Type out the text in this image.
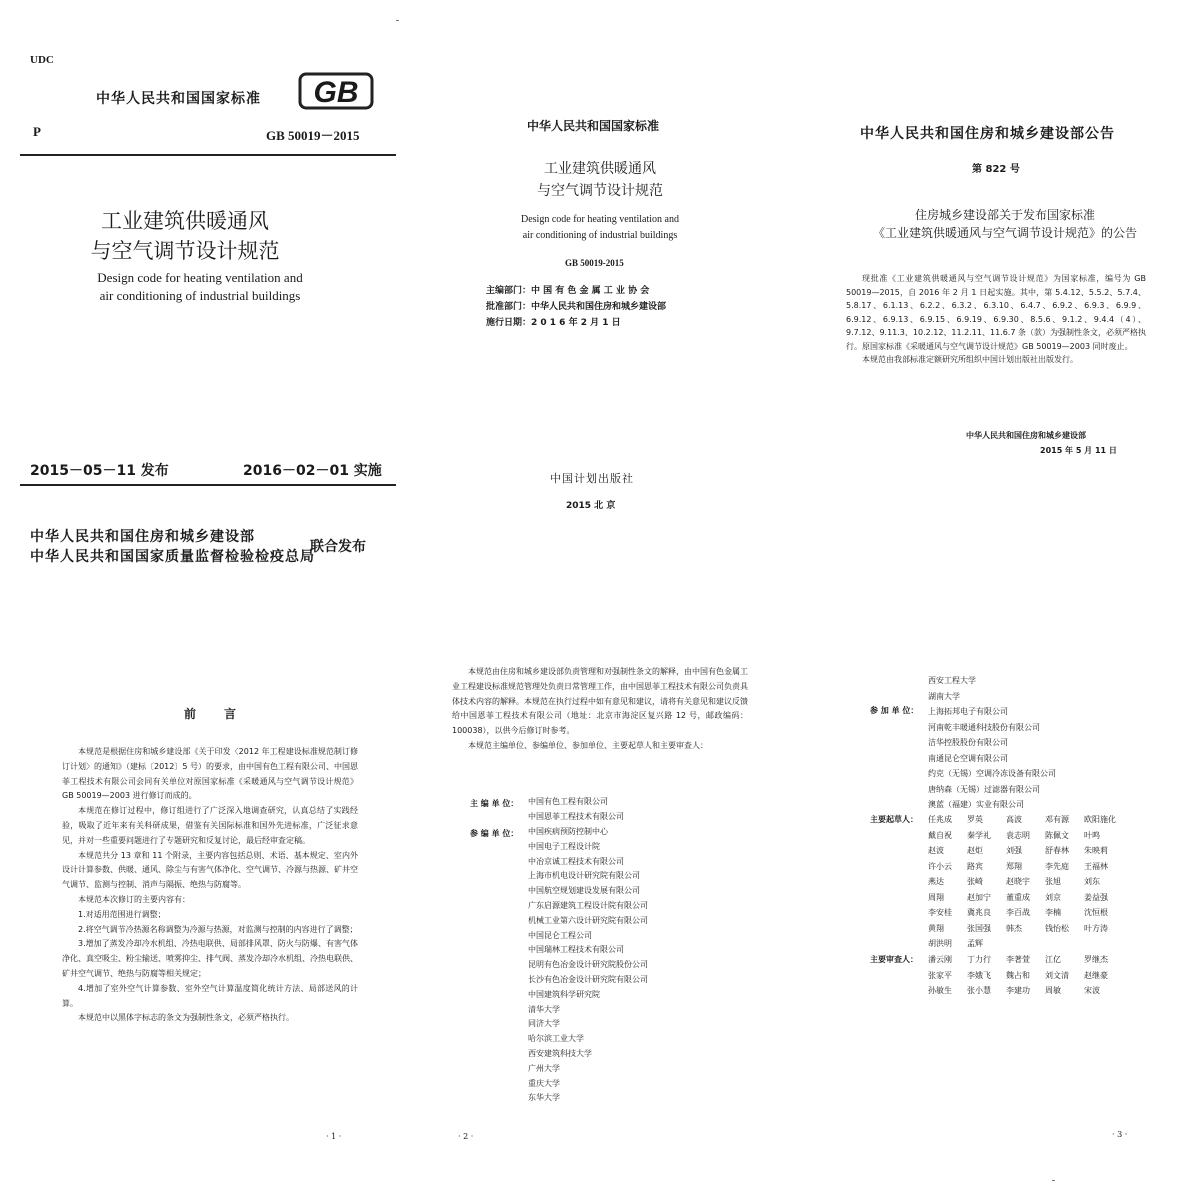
UDC
中华人民共和国国家标准 GB
P	GB 50019－2015
工业建筑供暖通风
与空气调节设计规范
Design code for heating ventilation and
air conditioning of industrial buildings
2015－05－11 发布	2016－02－01 实施
中华人民共和国住房和城乡建设部
中华人民共和国国家质量监督检验检疫总局
联合发布
中华人民共和国国家标准
工业建筑供暖通风
与空气调节设计规范
Design code for heating ventilation and
air conditioning of industrial buildings
GB 50019-2015
主编部门：中 国 有 色 金 属 工 业 协 会
批准部门：中华人民共和国住房和城乡建设部
施行日期：2 0 1 6 年 2 月 1 日
中国计划出版社
2015 北 京
中华人民共和国住房和城乡建设部公告
第 822 号
住房城乡建设部关于发布国家标准
《工业建筑供暖通风与空气调节设计规范》的公告

现批准《工业建筑供暖通风与空气调节设计规范》为国家标准，编号为 GB 50019—2015，自 2016 年 2 月 1 日起实施。其中，第 5.4.12、5.5.2、5.7.4、5.8.17、6.1.13、6.2.2、6.3.2、6.3.10、6.4.7、6.9.2、6.9.3、6.9.9、6.9.12、6.9.13、6.9.15、6.9.19、6.9.30、8.5.6、9.1.2、9.4.4（4）、9.7.12、9.11.3、10.2.12、11.2.11、11.6.7 条（款）为强制性条文，必须严格执行。原国家标准《采暖通风与空气调节设计规范》GB 50019—2003 同时废止。

本规范由我部标准定额研究所组织中国计划出版社出版发行。

中华人民共和国住房和城乡建设部
2015 年 5 月 11 日
前言

本规范是根据住房和城乡建设部《关于印发〈2012 年工程建设标准规范制订修订计划〉的通知》（建标〔2012〕5 号）的要求，由中国有色工程有限公司、中国恩菲工程技术有限公司会同有关单位对原国家标准《采暖通风与空气调节设计规范》GB 50019—2003 进行修订而成的。

本规范在修订过程中，修订组进行了广泛深入地调查研究，认真总结了实践经验，吸取了近年来有关科研成果，借鉴有关国际标准和国外先进标准，广泛征求意见，并对一些重要问题进行了专题研究和反复讨论，最后经审查定稿。

本规范共分 13 章和 11 个附录，主要内容包括总则、术语、基本规定、室内外设计计算参数、供暖、通风、除尘与有害气体净化、空气调节、冷源与热源、矿井空气调节、监测与控制、消声与隔振、绝热与防腐等。

本规范本次修订的主要内容有：

1.对适用范围进行调整；

2.将空气调节冷热源名称调整为冷源与热源，对监测与控制的内容进行了调整；

3.增加了蒸发冷却冷水机组、冷热电联供、局部排风罩、防火与防爆、有害气体净化、真空吸尘、粉尘输送、喷雾抑尘、排气阀、蒸发冷却冷水机组、冷热电联供、矿井空气调节、绝热与防腐等相关规定；

4.增加了室外空气计算参数、室外空气计算温度简化统计方法、局部送风的计算。

本规范中以黑体字标志的条文为强制性条文，必须严格执行。

· 1 ·

本规范由住房和城乡建设部负责管理和对强制性条文的解释，由中国有色金属工业工程建设标准规范管理处负责日常管理工作，由中国恩菲工程技术有限公司负责具体技术内容的解释。本规范在执行过程中如有意见和建议，请将有关意见和建议反馈给中国恩菲工程技术有限公司（地址：北京市海淀区复兴路 12 号，邮政编码：100038），以供今后修订时参考。

本规范主编单位、参编单位、参加单位、主要起草人和主要审查人：

主 编 单 位： 中国有色工程有限公司
中国恩菲工程技术有限公司
参 编 单 位： 中国疾病预防控制中心
中国电子工程设计院
中冶京诚工程技术有限公司
上海市机电设计研究院有限公司
中国航空规划建设发展有限公司
广东启源建筑工程设计院有限公司
机械工业第六设计研究院有限公司
中国昆仑工程公司
中国瑞林工程技术有限公司
昆明有色冶金设计研究院股份公司
长沙有色冶金设计研究院有限公司
中国建筑科学研究院
清华大学
同济大学
哈尔滨工业大学
西安建筑科技大学
广州大学
重庆大学
东华大学
· 2 ·
西安工程大学
湖南大学
参 加 单 位： 上海拓邦电子有限公司
河南乾丰暖通科技股份有限公司
洁华控股股份有限公司
南通昆仑空调有限公司
约克（无锡）空调冷冻设备有限公司
唐纳森（无锡）过滤器有限公司
澳蓝（福建）实业有限公司
主要起草人： 任兆成	罗英	高波	邓有源	欧阳施化
戴自祝	秦学礼	袁志明	陈佩文	叶鸣
赵波	赵炬	刘强	舒春林	朱映莉
许小云	路宾	郑翔	李先庭	王福林
燕达	张崎	赵晓宇	张旭	刘东
周翔	赵加宁	董重成	刘京	姜益强
李安桂	冀兆良	李百战	李楠	沈恒根
黄翔	张国强	韩杰	钱怡松	叶方涛
胡洪明	孟辉
主要审查人： 潘云刚	丁力行	李著萱	江亿	罗继杰
张家平	李娥飞	魏占和	刘文清	赵继豪
孙敏生	张小慧	李建功	周敏	宋波
· 3 ·
